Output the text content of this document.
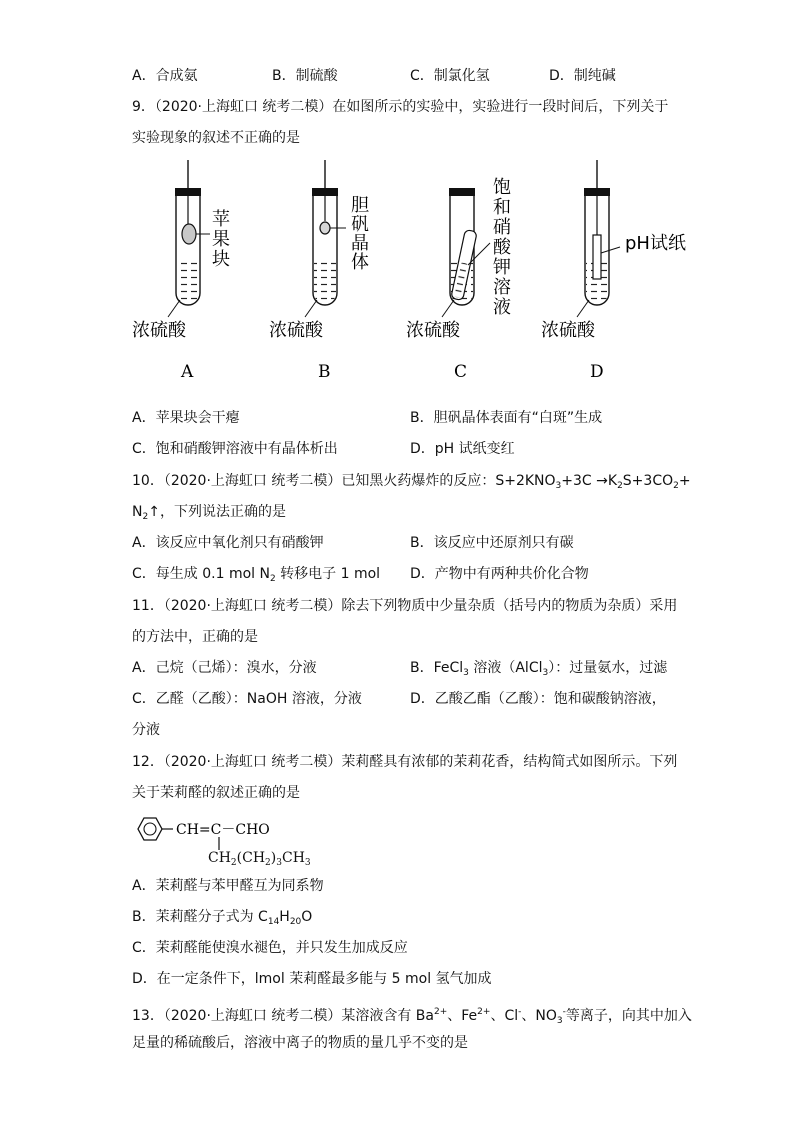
A．合成氨	B．制硫酸	C．制氯化氢	D．制纯碱
9．（2020·上海虹口 统考二模）在如图所示的实验中，实验进行一段时间后，下列关于
实验现象的叙述不正确的是
苹
果
块
浓硫酸
A
胆
矾
晶
体
浓硫酸
B
饱
和
硝
酸
钾
溶
液
浓硫酸
C
pH试纸
浓硫酸
D
A．苹果块会干瘪	B．胆矾晶体表面有“白斑”生成
C．饱和硝酸钾溶液中有晶体析出	D．pH 试纸变红
10．（2020·上海虹口 统考二模）已知黑火药爆炸的反应：$S+2KNO_3+3C \to K_2S+3CO_2+$
$N_2↑$，下列说法正确的是
A．该反应中氧化剂只有硝酸钾	B．该反应中还原剂只有碳
C．每生成 0.1 mol $N_2$ 转移电子 1 mol D．产物中有两种共价化合物
11．（2020·上海虹口 统考二模）除去下列物质中少量杂质（括号内的物质为杂质）采用
的方法中，正确的是
A．己烷（己烯）：溴水，分液	B．FeCl$_3$ 溶液（AlCl$_3$）：过量氨水，过滤
C．乙醛（乙酸）：NaOH 溶液，分液	D．乙酸乙酯（乙酸）：饱和碳酸钠溶液，
分液
12．（2020·上海虹口 统考二模）茉莉醛具有浓郁的茉莉花香，结构简式如图所示。下列
关于茉莉醛的叙述正确的是
CH=C－CHO
$CH_2(CH_2)_3CH_3$
A．茉莉醛与苯甲醛互为同系物
B．茉莉醛分子式为 $C_{14}H_{20}O$
C．茉莉醛能使溴水褪色，并只发生加成反应
D．在一定条件下，lmol 茉莉醛最多能与 5 mol 氢气加成
13．（2020·上海虹口 统考二模）某溶液含有 $Ba^{2+}$、$Fe^{2+}$、Cl-、$NO_3^-$等离子，向其中加入
足量的稀硫酸后，溶液中离子的物质的量几乎不变的是
